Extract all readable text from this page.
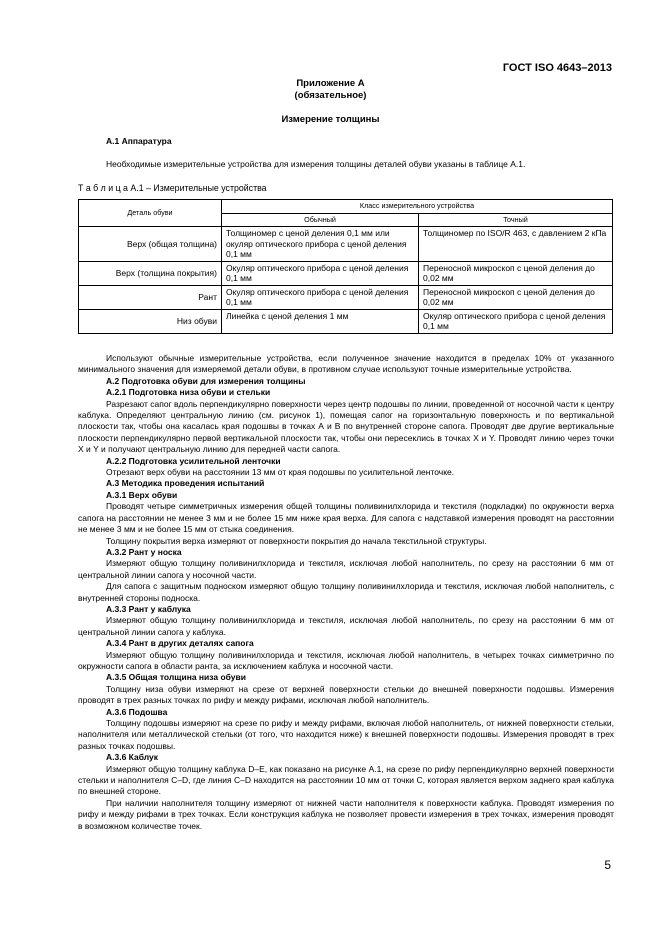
ГОСТ ISO 4643–2013
Приложение А
(обязательное)
Измерение толщины

А.1 Аппаратура

Необходимые измерительные устройства для измерения толщины деталей обуви указаны в таблице А.1.

Т а б л и ц а А.1 – Измерительные устройства
Деталь обуви	Класс измерительного устройства	
	Обычный	Точный
Верх (общая толщина)	Толщиномер с ценой деления 0,1 мм или окуляр оптического прибора с ценой деления 0,1 мм	Толщиномер по ISO/R 463, с давлением 2 кПа
Верх (толщина покрытия)	Окуляр оптического прибора с ценой деления 0,1 мм	Переносной микроскоп с ценой деления до 0,02 мм
Рант	Окуляр оптического прибора с ценой деления 0,1 мм	Переносной микроскоп с ценой деления до 0,02 мм
Низ обуви	Линейка с ценой деления 1 мм	Окуляр оптического прибора с ценой деления 0,1 мм

Используют обычные измерительные устройства, если полученное значение находится в пределах 10% от указанного минимального значения для измеряемой детали обуви, в противном случае используют точные измерительные устройства.

А.2 Подготовка обуви для измерения толщины

А.2.1 Подготовка низа обуви и стельки

Разрезают сапог вдоль перпендикулярно поверхности через центр подошвы по линии, проведенной от носочной части к центру каблука. Определяют центральную линию (см. рисунок 1), помещая сапог на горизонтальную поверхность и по вертикальной плоскости так, чтобы она касалась края подошвы в точках А и В по внутренней стороне сапога. Проводят две другие вертикальные плоскости перпендикулярно первой вертикальной плоскости так, чтобы они пересеклись в точках X и Y. Проводят линию через точки X и Y и получают центральную линию для передней части сапога.

А.2.2 Подготовка усилительной ленточки

Отрезают верх обуви на расстоянии 13 мм от края подошвы по усилительной ленточке.

А.3 Методика проведения испытаний

А.3.1 Верх обуви

Проводят четыре симметричных измерения общей толщины поливинилхлорида и текстиля (подкладки) по окружности верха сапога на расстоянии не менее 3 мм и не более 15 мм ниже края верха. Для сапога с надставкой измерения проводят на расстоянии не менее 3 мм и не более 15 мм от стыка соединения.

Толщину покрытия верха измеряют от поверхности покрытия до начала текстильной структуры.

А.3.2 Рант у носка

Измеряют общую толщину поливинилхлорида и текстиля, исключая любой наполнитель, по срезу на расстоянии 6 мм от центральной линии сапога у носочной части.

Для сапога с защитным подноском измеряют общую толщину поливинилхлорида и текстиля, исключая любой наполнитель, с внутренней стороны подноска.

А.3.3 Рант у каблука

Измеряют общую толщину поливинилхлорида и текстиля, исключая любой наполнитель, по срезу на расстоянии 6 мм от центральной линии сапога у каблука.

А.3.4 Рант в других деталях сапога

Измеряют общую толщину поливинилхлорида и текстиля, исключая любой наполнитель, в четырех точках симметрично по окружности сапога в области ранта, за исключением каблука и носочной части.

А.3.5 Общая толщина низа обуви

Толщину низа обуви измеряют на срезе от верхней поверхности стельки до внешней поверхности подошвы. Измерения проводят в трех разных точках по рифу и между рифами, исключая любой наполнитель.

А.3.6 Подошва

Толщину подошвы измеряют на срезе по рифу и между рифами, включая любой наполнитель, от нижней поверхности стельки, наполнителя или металлической стельки (от того, что находится ниже) к внешней поверхности подошвы. Измерения проводят в трех разных точках подошвы.

А.3.6 Каблук

Измеряют общую толщину каблука D–E, как показано на рисунке А.1, на срезе по рифу перпендикулярно верхней поверхности стельки и наполнителя C–D, где линия C–D находится на расстоянии 10 мм от точки С, которая является верхом заднего края каблука по внешней стороне.

При наличии наполнителя толщину измеряют от нижней части наполнителя к поверхности каблука. Проводят измерения по рифу и между рифами в трех точках. Если конструкция каблука не позволяет провести измерения в трех точках, измерения проводят в возможном количестве точек.

5
